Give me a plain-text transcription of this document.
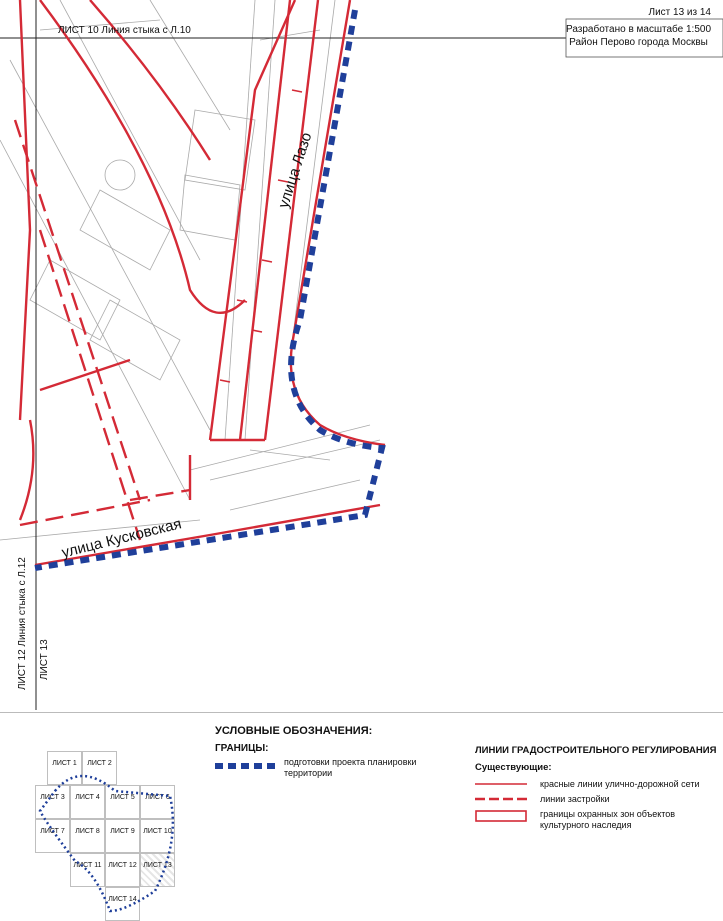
Лист 13 из 14
Разработано в масштабе 1:500
Район Перово города Москвы
ЛИСТ 10 Линия стыка с Л.10
ЛИСТ 12 Линия стыка с Л.12 ЛИСТ 13
улица Лазо
улица Кусковская
ЛИСТ 1	ЛИСТ 2
ЛИСТ 3	ЛИСТ 4	ЛИСТ 5	ЛИСТ 6
ЛИСТ 7	ЛИСТ 8	ЛИСТ 9	ЛИСТ 10
ЛИСТ 11 ЛИСТ 12 ЛИСТ 13
ЛИСТ 14
УСЛОВНЫЕ ОБОЗНАЧЕНИЯ:
ГРАНИЦЫ:
подготовки проекта планировки территории
ЛИНИИ ГРАДОСТРОИТЕЛЬНОГО РЕГУЛИРОВАНИЯ
Существующие:
красные линии улично-дорожной сети
линии застройки
границы охранных зон объектов культурного наследия
